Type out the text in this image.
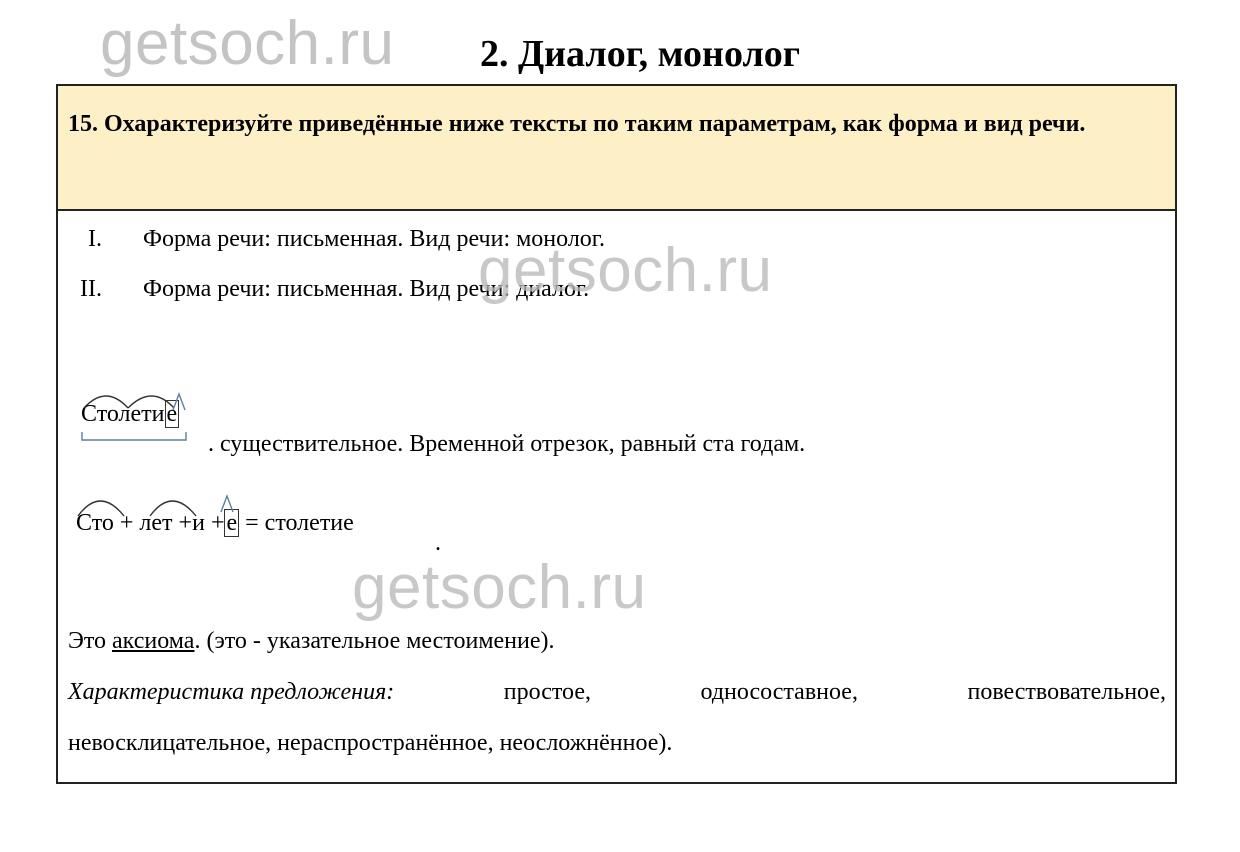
getsoch.ru 2. Диалог, монолог
15. Охарактеризуйте приведённые ниже тексты по таким параметрам, как форма и вид речи.
I. Форма речи: письменная. Вид речи: монолог.
II. Форма речи: письменная. Вид речи: диалог.
getsoch.ru
Столетие
. существительное. Временной отрезок, равный ста годам.
Сто + лет +и +е = столетие
.
getsoch.ru
Это аксиома. (это - указательное местоимение).
Характеристика предложения:	простое,	односоставное,	повествовательное,
невосклицательное, нераспространённое, неосложнённое).
